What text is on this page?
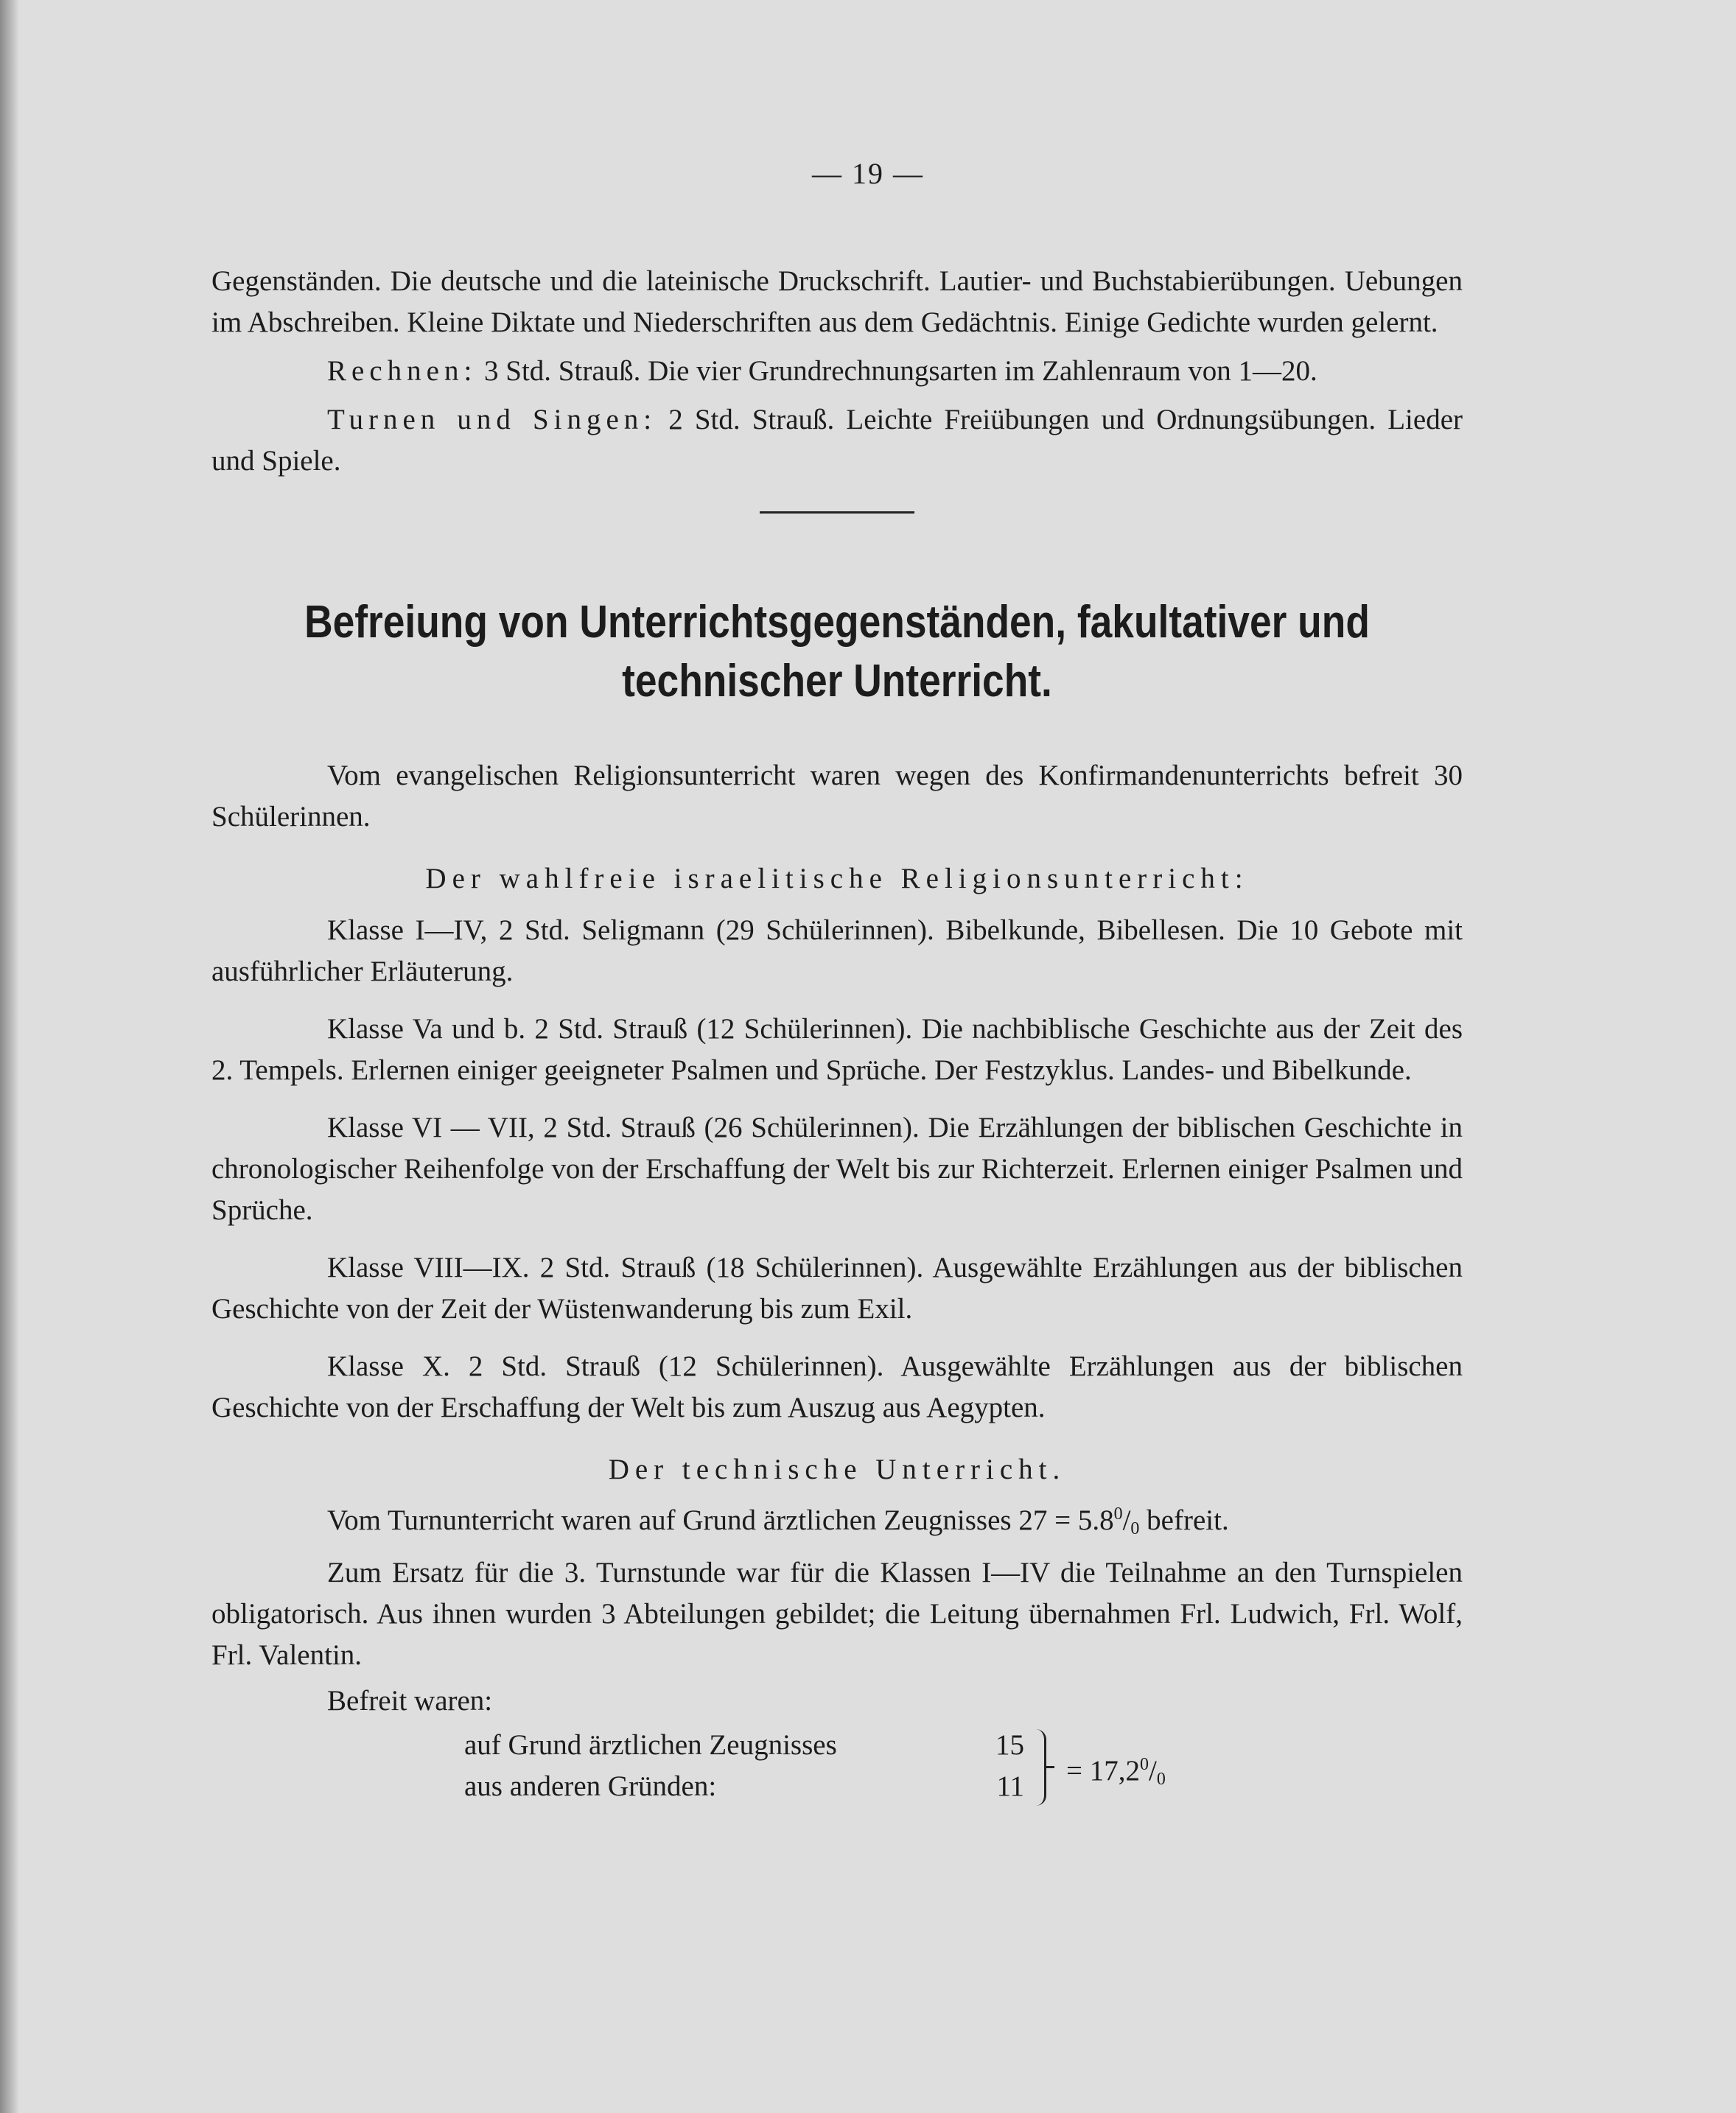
— 19 —

Gegenständen. Die deutsche und die lateinische Druckschrift. Lautier- und Buchstabierübungen. Uebungen im Abschreiben. Kleine Diktate und Niederschriften aus dem Gedächtnis. Einige Gedichte wurden gelernt.

Rechnen: 3 Std. Strauß. Die vier Grundrechnungsarten im Zahlenraum von 1—20.

Turnen und Singen: 2 Std. Strauß. Leichte Freiübungen und Ordnungsübungen. Lieder und Spiele.

Befreiung von Unterrichtsgegenständen, fakultativer und technischer Unterricht.

Vom evangelischen Religionsunterricht waren wegen des Konfirmandenunterrichts befreit 30 Schülerinnen.

Der wahlfreie israelitische Religionsunterricht:

Klasse I—IV, 2 Std. Seligmann (29 Schülerinnen). Bibelkunde, Bibellesen. Die 10 Gebote mit ausführlicher Erläuterung.

Klasse Va und b. 2 Std. Strauß (12 Schülerinnen). Die nachbiblische Geschichte aus der Zeit des 2. Tempels. Erlernen einiger geeigneter Psalmen und Sprüche. Der Festzyklus. Landes- und Bibelkunde.

Klasse VI — VII, 2 Std. Strauß (26 Schülerinnen). Die Erzählungen der biblischen Geschichte in chronologischer Reihenfolge von der Erschaffung der Welt bis zur Richterzeit. Erlernen einiger Psalmen und Sprüche.

Klasse VIII—IX. 2 Std. Strauß (18 Schülerinnen). Ausgewählte Erzählungen aus der biblischen Geschichte von der Zeit der Wüstenwanderung bis zum Exil.

Klasse X. 2 Std. Strauß (12 Schülerinnen). Ausgewählte Erzählungen aus der biblischen Geschichte von der Erschaffung der Welt bis zum Auszug aus Aegypten.

Der technische Unterricht.

Vom Turnunterricht waren auf Grund ärztlichen Zeugnisses $27 = 5.8^0/_0$ befreit.

Zum Ersatz für die 3. Turnstunde war für die Klassen I—IV die Teilnahme an den Turnspielen obligatorisch. Aus ihnen wurden 3 Abteilungen gebildet; die Leitung übernahmen Frl. Ludwich, Frl. Wolf, Frl. Valentin.

Befreit waren:

auf Grund ärztlichen Zeugnisses	15
aus anderen Gründen:	$11 = 17,2^0/_0$
